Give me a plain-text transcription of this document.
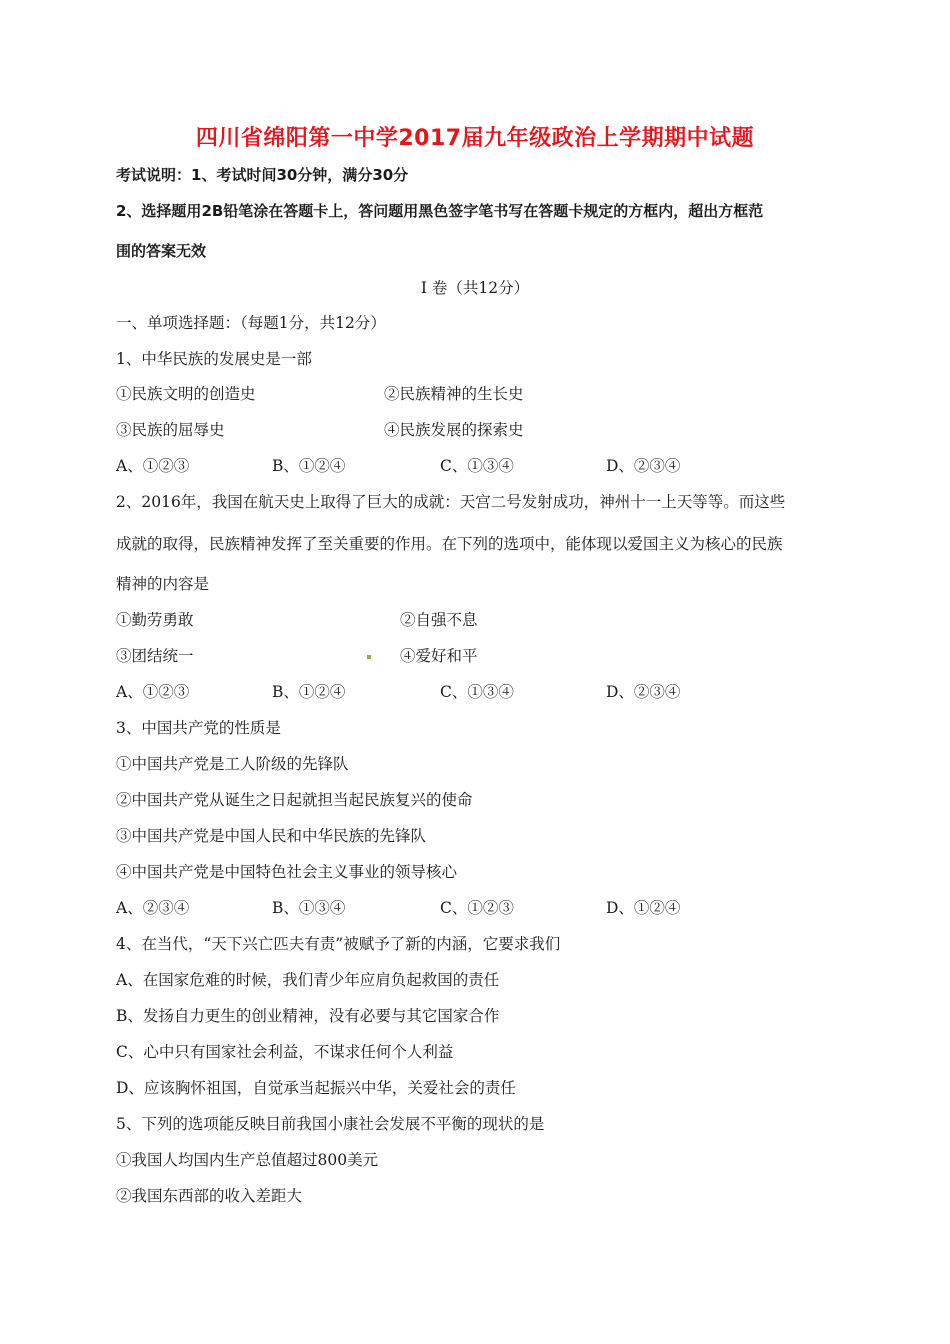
四川省绵阳第一中学2017届九年级政治上学期期中试题
考试说明：1、考试时间30分钟，满分30分
2、选择题用2B铅笔涂在答题卡上，答问题用黑色签字笔书写在答题卡规定的方框内，超出方框范
围的答案无效
Ⅰ 卷（共12分）
一、单项选择题：（每题1分，共12分）
1、中华民族的发展史是一部
①民族文明的创造史	②民族精神的生长史
③民族的屈辱史	④民族发展的探索史
A、①②③	B、①②④	C、①③④	D、②③④
2、2016年，我国在航天史上取得了巨大的成就：天宫二号发射成功，神州十一上天等等。而这些
成就的取得，民族精神发挥了至关重要的作用。在下列的选项中，能体现以爱国主义为核心的民族
精神的内容是
①勤劳勇敢	②自强不息
③团结统一	④爱好和平
A、①②③	B、①②④	C、①③④	D、②③④
3、中国共产党的性质是
①中国共产党是工人阶级的先锋队
②中国共产党从诞生之日起就担当起民族复兴的使命
③中国共产党是中国人民和中华民族的先锋队
④中国共产党是中国特色社会主义事业的领导核心
A、②③④	B、①③④	C、①②③	D、①②④
4、在当代，“天下兴亡匹夫有责”被赋予了新的内涵，它要求我们
A、在国家危难的时候，我们青少年应肩负起救国的责任
B、发扬自力更生的创业精神，没有必要与其它国家合作
C、心中只有国家社会利益，不谋求任何个人利益
D、应该胸怀祖国，自觉承当起振兴中华，关爱社会的责任
5、下列的选项能反映目前我国小康社会发展不平衡的现状的是
①我国人均国内生产总值超过800美元
②我国东西部的收入差距大
